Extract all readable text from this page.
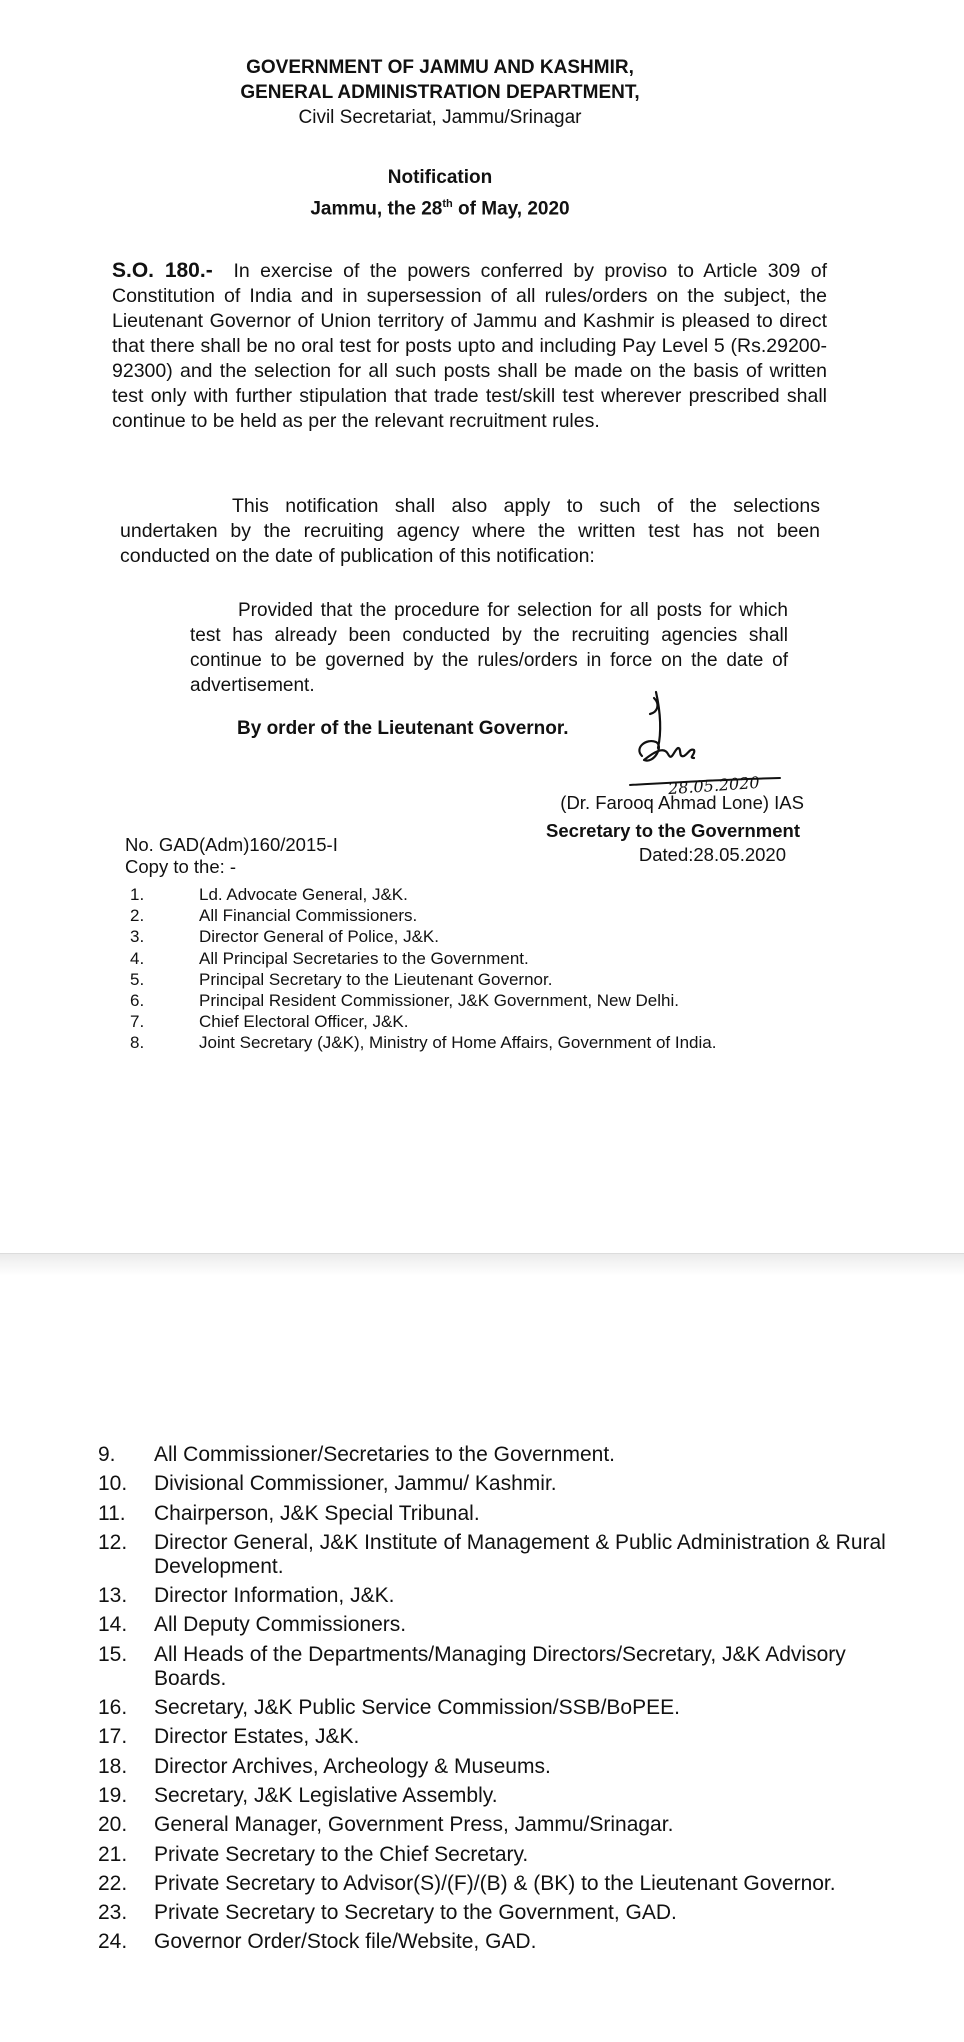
GOVERNMENT OF JAMMU AND KASHMIR,
GENERAL ADMINISTRATION DEPARTMENT,
Civil Secretariat, Jammu/Srinagar
Notification
Jammu, the 28th of May, 2020
S.O. 180.- In exercise of the powers conferred by proviso to Article 309 of Constitution of India and in supersession of all rules/orders on the subject, the Lieutenant Governor of Union territory of Jammu and Kashmir is pleased to direct that there shall be no oral test for posts upto and including Pay Level 5 (Rs.29200-92300) and the selection for all such posts shall be made on the basis of written test only with further stipulation that trade test/skill test wherever prescribed shall continue to be held as per the relevant recruitment rules.
This notification shall also apply to such of the selections undertaken by the recruiting agency where the written test has not been conducted on the date of publication of this notification:
Provided that the procedure for selection for all posts for which test has already been conducted by the recruiting agencies shall continue to be governed by the rules/orders in force on the date of advertisement.
By order of the Lieutenant Governor.
28.05.2020
(Dr. Farooq Ahmad Lone) IAS
Secretary to the Government
Dated:28.05.2020
No. GAD(Adm)160/2015-I
Copy to the: -
1.	Ld. Advocate General, J&K.
2.	All Financial Commissioners.
3.	Director General of Police, J&K.
4.	All Principal Secretaries to the Government.
5.	Principal Secretary to the Lieutenant Governor.
6.	Principal Resident Commissioner, J&K Government, New Delhi.
7.	Chief Electoral Officer, J&K.
8.	Joint Secretary (J&K), Ministry of Home Affairs, Government of India.
9.	All Commissioner/Secretaries to the Government.
10.	Divisional Commissioner, Jammu/ Kashmir.
11.	Chairperson, J&K Special Tribunal.
12.	Director General, J&K Institute of Management & Public Administration & Rural Development.
13.	Director Information, J&K.
14.	All Deputy Commissioners.
15.	All Heads of the Departments/Managing Directors/Secretary, J&K Advisory Boards.
16.	Secretary, J&K Public Service Commission/SSB/BoPEE.
17.	Director Estates, J&K.
18.	Director Archives, Archeology & Museums.
19.	Secretary, J&K Legislative Assembly.
20.	General Manager, Government Press, Jammu/Srinagar.
21.	Private Secretary to the Chief Secretary.
22.	Private Secretary to Advisor(S)/(F)/(B) & (BK) to the Lieutenant Governor.
23.	Private Secretary to Secretary to the Government, GAD.
24.	Governor Order/Stock file/Website, GAD.
